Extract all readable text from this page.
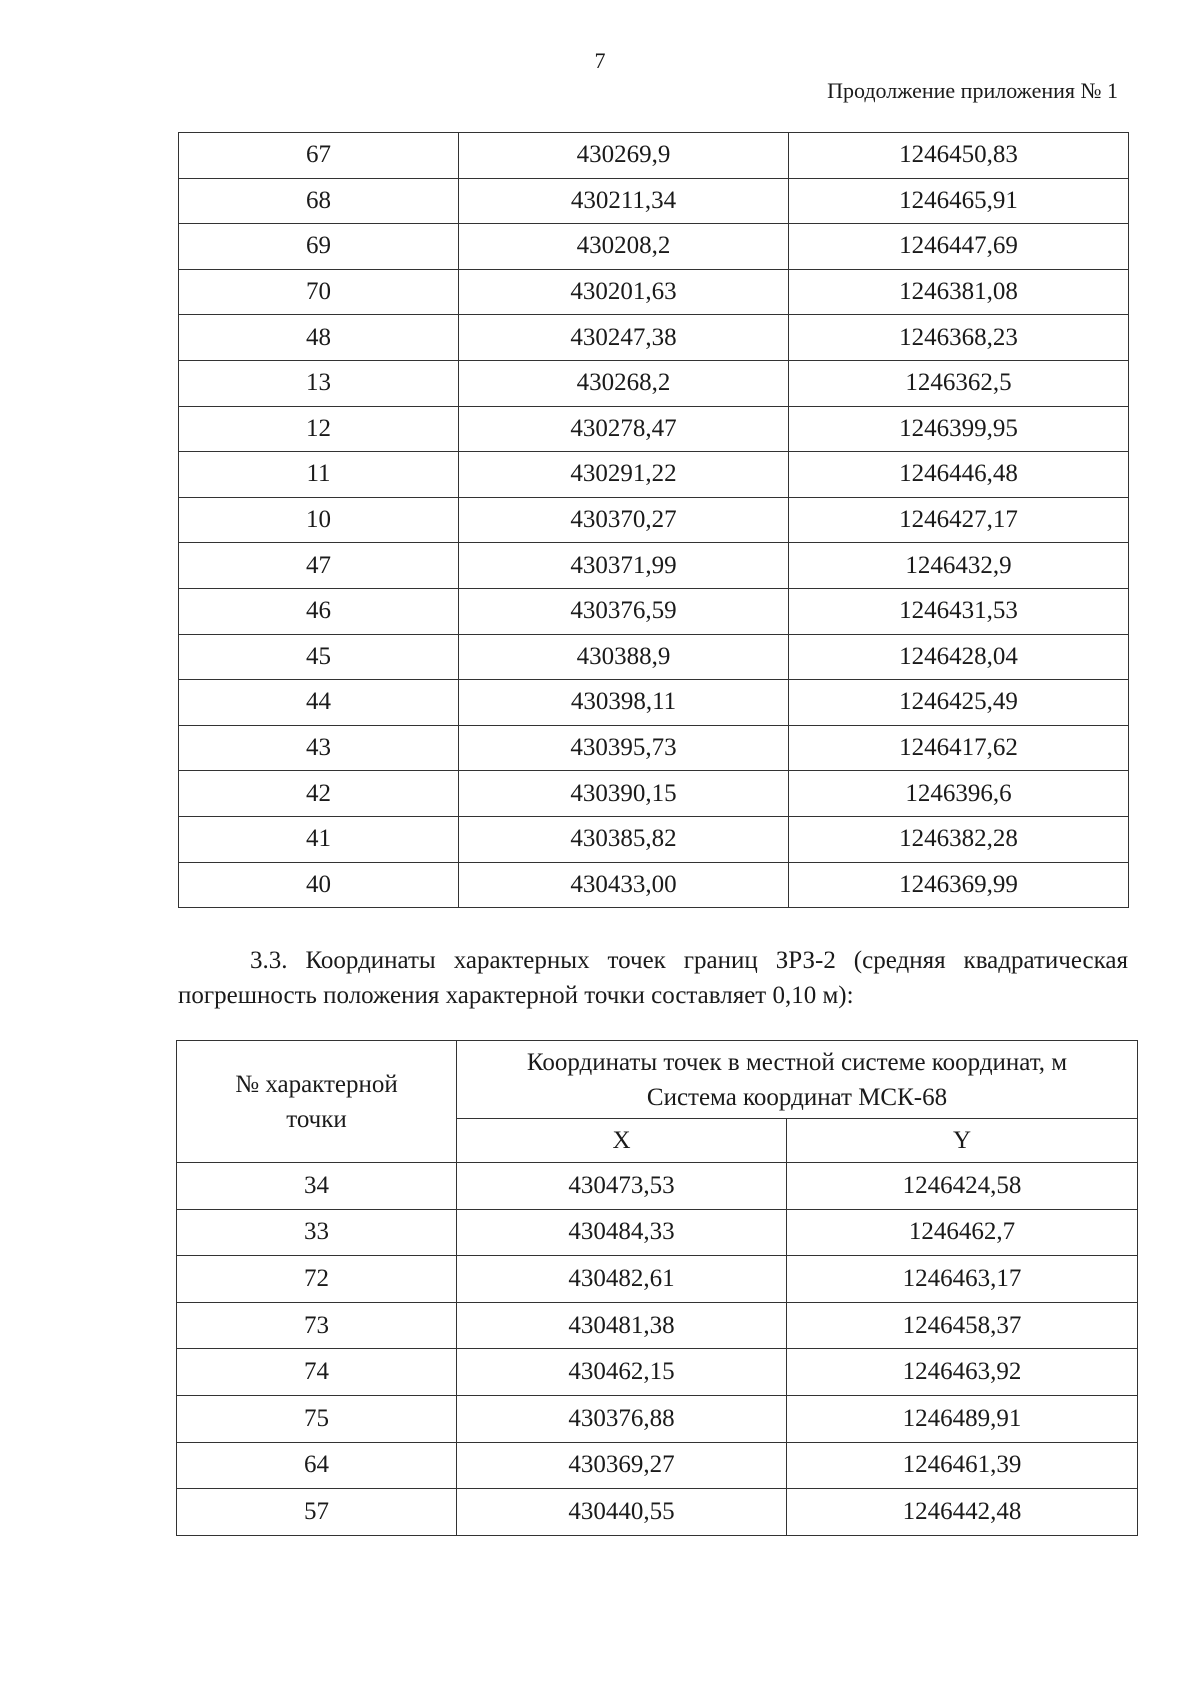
7
Продолжение приложения № 1
67	430269,9	1246450,83
68	430211,34	1246465,91
69	430208,2	1246447,69
70	430201,63	1246381,08
48	430247,38	1246368,23
13	430268,2	1246362,5
12	430278,47	1246399,95
11	430291,22	1246446,48
10	430370,27	1246427,17
47	430371,99	1246432,9
46	430376,59	1246431,53
45	430388,9	1246428,04
44	430398,11	1246425,49
43	430395,73	1246417,62
42	430390,15	1246396,6
41	430385,82	1246382,28
40	430433,00	1246369,99
3.3. Координаты характерных точек границ ЗРЗ-2 (средняя квадратическая погрешность положения характерной точки составляет 0,10 м):
№ характерной
точки	Координаты точек в местной системе координат, м
Система координат МСК-68	

	X	Y
34	430473,53	1246424,58
33	430484,33	1246462,7
72	430482,61	1246463,17
73	430481,38	1246458,37
74	430462,15	1246463,92
75	430376,88	1246489,91
64	430369,27	1246461,39
57	430440,55	1246442,48
